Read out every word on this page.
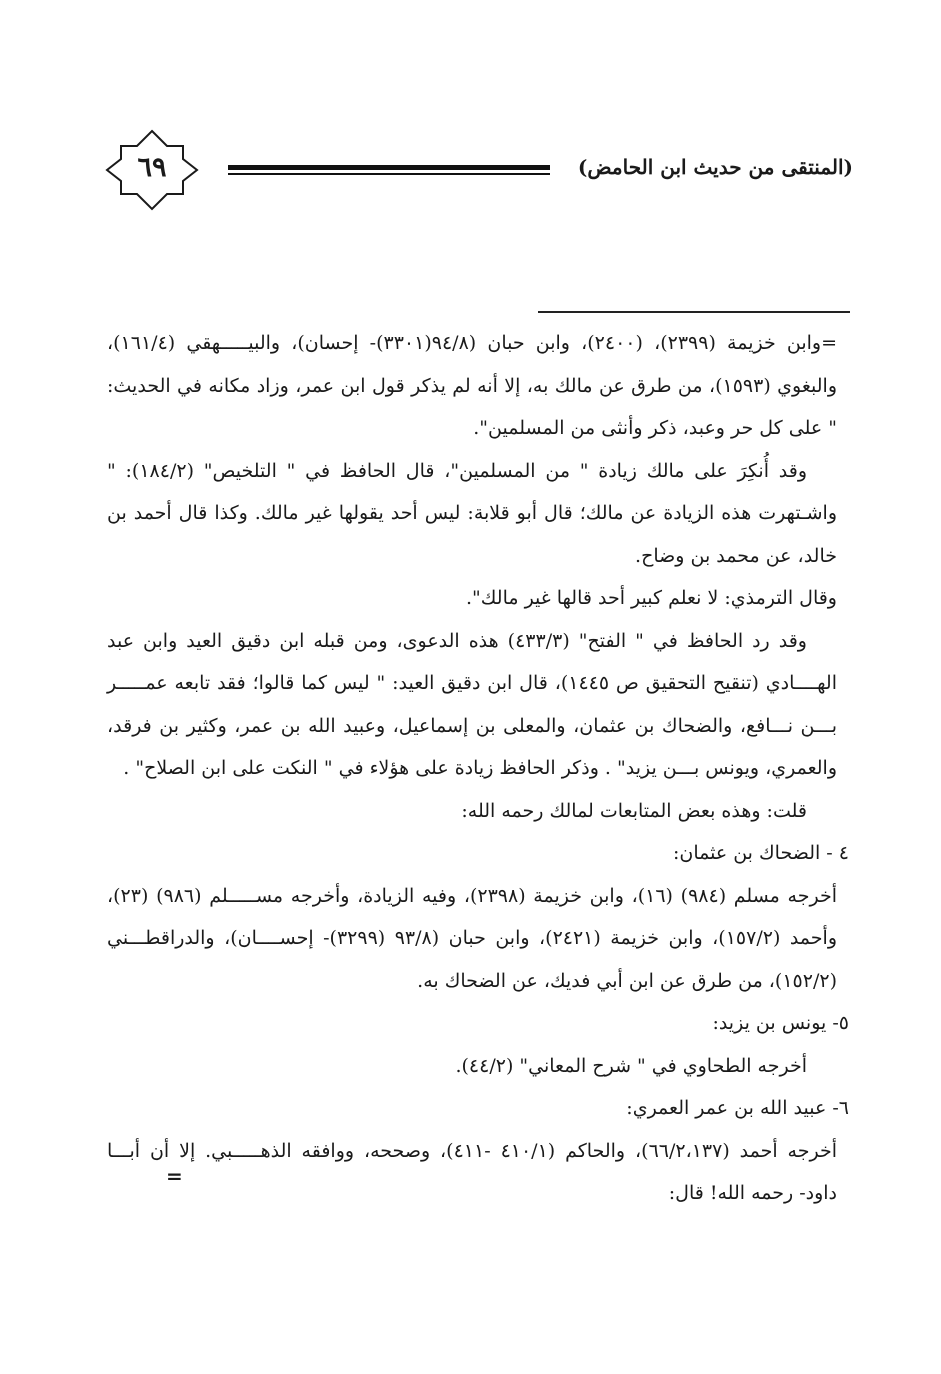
٦٩	(المنتقى من حديث ابن الحامض)

=وابن خزيمة (٢٣٩٩)، (٢٤٠٠)، وابن حبان (٩٤/٨(٣٣٠١)- إحسان)، والبيـــــهقي (١٦١/٤)، والبغوي (١٥٩٣)، من طرق عن مالك به، إلا أنه لم يذكر قول ابن عمر، وزاد مكانه في الحديث: " على كل حر وعبد، ذكر وأنثى من المسلمين".

وقد أُنكِرَ على مالك زيادة " من المسلمين"، قال الحافظ في " التلخيص" (١٨٤/٢): " واشـتهرت هذه الزيادة عن مالك؛ قال أبو قلابة: ليس أحد يقولها غير مالك. وكذا قال أحمد بن خالد، عن محمد بن وضاح.

وقال الترمذي: لا نعلم كبير أحد قالها غير مالك".

وقد رد الحافظ في " الفتح" (٤٣٣/٣) هذه الدعوى، ومن قبله ابن دقيق العيد وابن عبد الهــــادي (تنقيح التحقيق ص ١٤٤٥)، قال ابن دقيق العيد: " ليس كما قالوا؛ فقد تابعه عمـــــر بـــن نـــافع، والضحاك بن عثمان، والمعلى بن إسماعيل، وعبيد الله بن عمر، وكثير بن فرقد، والعمري، ويونس بـــن يزيد" . وذكر الحافظ زيادة على هؤلاء في " النكت على ابن الصلاح" .

قلت: وهذه بعض المتابعات لمالك رحمه الله:

٤ - الضحاك بن عثمان:

أخرجه مسلم (٩٨٤) (١٦)، وابن خزيمة (٢٣٩٨)، وفيه الزيادة، وأخرجه مســـــلم (٩٨٦) (٢٣)، وأحمد (١٥٧/٢)، وابن خزيمة (٢٤٢١)، وابن حبان (٩٣/٨ (٣٢٩٩)- إحســــان)، والدراقطـــني (١٥٢/٢)، من طرق عن ابن أبي فديك، عن الضحاك به.

٥- يونس بن يزيد:

أخرجه الطحاوي في " شرح المعاني" (٤٤/٢).

٦- عبيد الله بن عمر العمري:

أخرجه أحمد (٦٦/٢،١٣٧)، والحاكم (٤١٠/١ -٤١١)، وصححه، ووافقه الذهـــــبي. إلا أن أبـــا داود- رحمه الله! قال:

=
